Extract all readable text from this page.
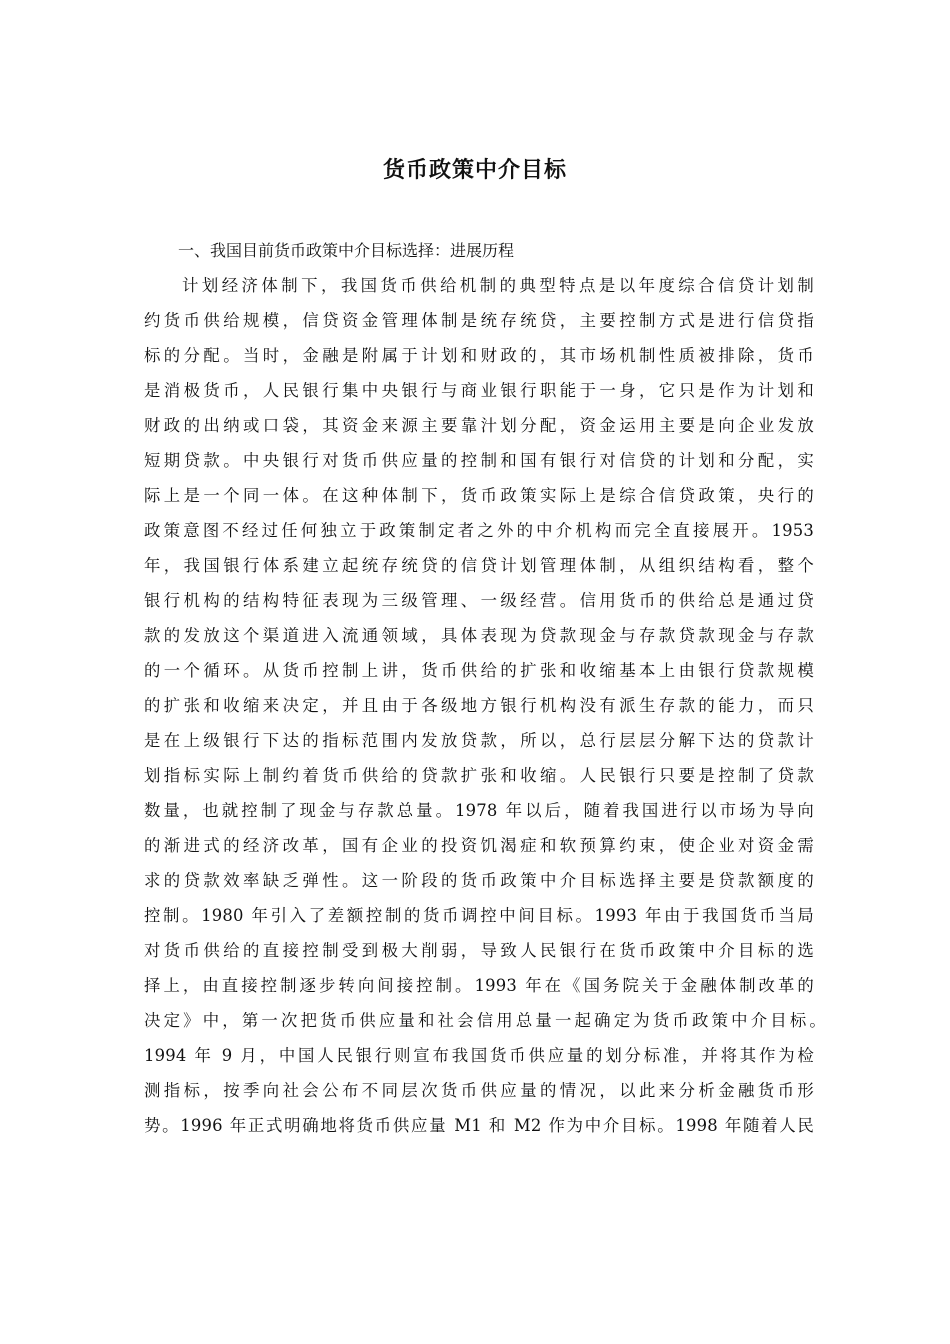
货币政策中介目标

一、我国目前货币政策中介目标选择：进展历程

计划经济体制下，我国货币供给机制的典型特点是以年度综合信贷计划制
约货币供给规模，信贷资金管理体制是统存统贷，主要控制方式是进行信贷指
标的分配。当时，金融是附属于计划和财政的，其市场机制性质被排除，货币
是消极货币，人民银行集中央银行与商业银行职能于一身，它只是作为计划和
财政的出纳或口袋，其资金来源主要靠汁划分配，资金运用主要是向企业发放
短期贷款。中央银行对货币供应量的控制和国有银行对信贷的计划和分配，实
际上是一个同一体。在这种体制下，货币政策实际上是综合信贷政策，央行的
政策意图不经过任何独立于政策制定者之外的中介机构而完全直接展开。1953
年，我国银行体系建立起统存统贷的信贷计划管理体制，从组织结构看，整个
银行机构的结构特征表现为三级管理、一级经营。信用货币的供给总是通过贷
款的发放这个渠道进入流通领域，具体表现为贷款现金与存款贷款现金与存款
的一个循环。从货币控制上讲，货币供给的扩张和收缩基本上由银行贷款规模
的扩张和收缩来决定，并且由于各级地方银行机构没有派生存款的能力，而只
是在上级银行下达的指标范围内发放贷款，所以，总行层层分解下达的贷款计
划指标实际上制约着货币供给的贷款扩张和收缩。人民银行只要是控制了贷款
数量，也就控制了现金与存款总量。1978 年以后，随着我国进行以市场为导向
的渐进式的经济改革，国有企业的投资饥渴症和软预算约束，使企业对资金需
求的贷款效率缺乏弹性。这一阶段的货币政策中介目标选择主要是贷款额度的
控制。1980 年引入了差额控制的货币调控中间目标。1993 年由于我国货币当局
对货币供给的直接控制受到极大削弱，导致人民银行在货币政策中介目标的选
择上，由直接控制逐步转向间接控制。1993 年在《国务院关于金融体制改革的
决定》中，第一次把货币供应量和社会信用总量一起确定为货币政策中介目标。
1994 年 9 月，中国人民银行则宣布我国货币供应量的划分标准，并将其作为检
测指标，按季向社会公布不同层次货币供应量的情况，以此来分析金融货币形
势。1996 年正式明确地将货币供应量 M1 和 M2 作为中介目标。1998 年随着人民
